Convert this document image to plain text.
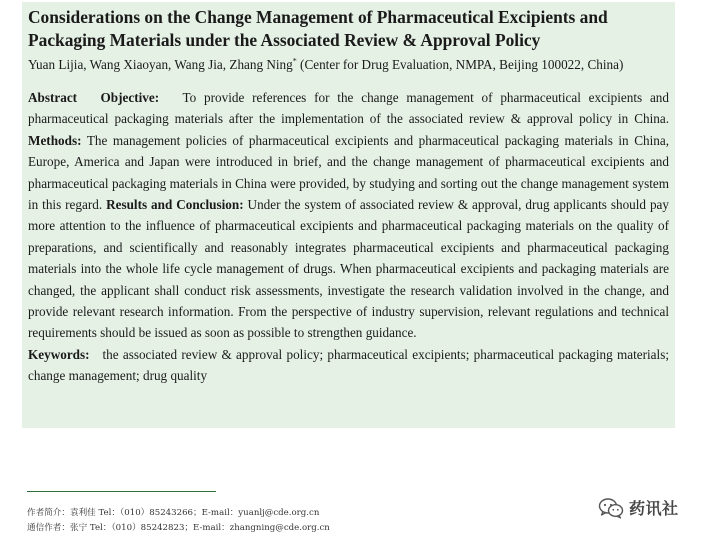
Considerations on the Change Management of Pharmaceutical Excipients and Packaging Materials under the Associated Review & Approval Policy

Yuan Lijia, Wang Xiaoyan, Wang Jia, Zhang Ning* (Center for Drug Evaluation, NMPA, Beijing 100022, China)

Abstract Objective: To provide references for the change management of pharmaceutical excipients and pharmaceutical packaging materials after the implementation of the associated review & approval policy in China. Methods: The management policies of pharmaceutical excipients and pharmaceutical packaging materials in China, Europe, America and Japan were introduced in brief, and the change management of pharmaceutical excipients and pharmaceutical packaging materials in China were provided, by studying and sorting out the change management system in this regard. Results and Conclusion: Under the system of associated review & approval, drug applicants should pay more attention to the influence of pharmaceutical excipients and pharmaceutical packaging materials on the quality of preparations, and scientifically and reasonably integrates pharmaceutical excipients and pharmaceutical packaging materials into the whole life cycle management of drugs. When pharmaceutical excipients and packaging materials are changed, the applicant shall conduct risk assessments, investigate the research validation involved in the change, and provide relevant research information. From the perspective of industry supervision, relevant regulations and technical requirements should be issued as soon as possible to strengthen guidance.

Keywords: the associated review & approval policy; pharmaceutical excipients; pharmaceutical packaging materials; change management; drug quality

作者简介：袁利佳 Tel：（010）85243266；E-mail：yuanlj@cde.org.cn
通信作者：张宁 Tel：（010）85242823；E-mail：zhangning@cde.org.cn
药讯社
